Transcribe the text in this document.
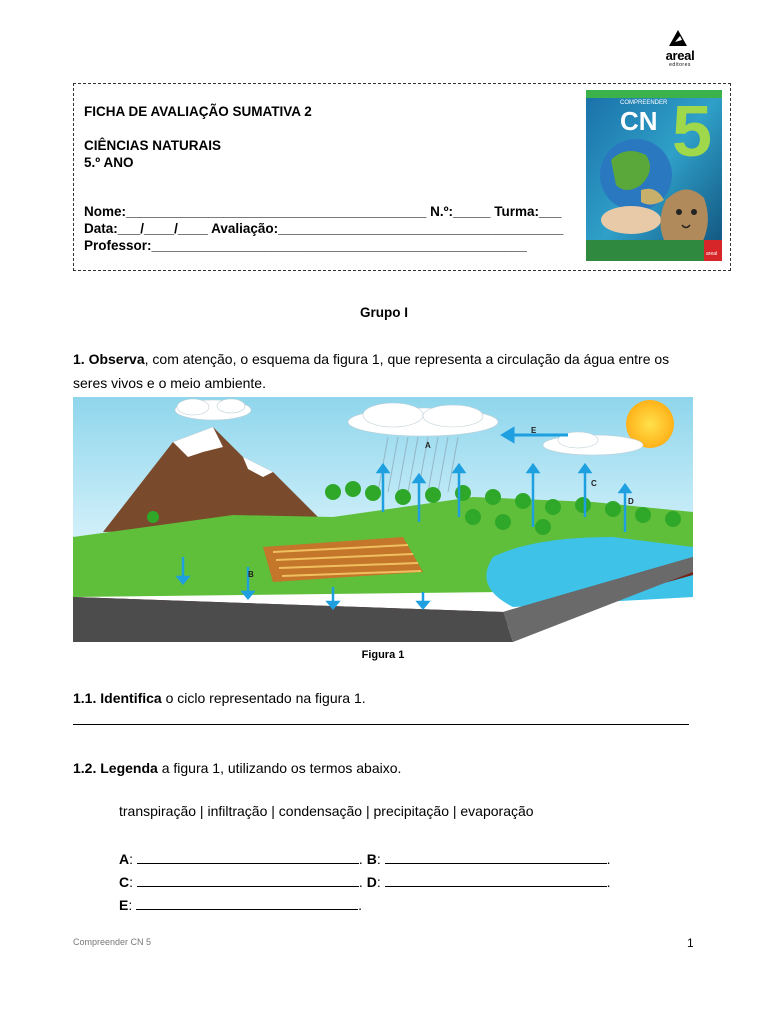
areal
editores
FICHA DE AVALIAÇÃO SUMATIVA 2
CIÊNCIAS NATURAIS
5.º ANO
Nome:________________________________________ N.º:_____ Turma:___
Data:___/____/____ Avaliação:______________________________________
Professor:__________________________________________________
COMPREENDER
CN 5
areal
Grupo I
1. Observa, com atenção, o esquema da figura 1, que representa a circulação da água entre os
seres vivos e o meio ambiente.
A
B
C
D
E
Figura 1
1.1. Identifica o ciclo representado na figura 1.
1.2. Legenda a figura 1, utilizando os termos abaixo.
transpiração | infiltração | condensação | precipitação | evaporação
A:	. B:	.
C:	. D:	.
E:	.
Compreender CN 5	1
